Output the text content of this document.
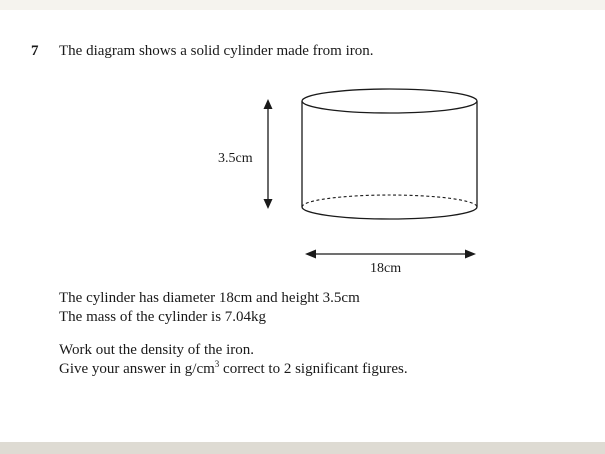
7 The diagram shows a solid cylinder made from iron.
3.5cm
18cm
The cylinder has diameter 18cm and height 3.5cm
The mass of the cylinder is 7.04kg
Work out the density of the iron.
Give your answer in $g/cm^3$ correct to 2 significant figures.
